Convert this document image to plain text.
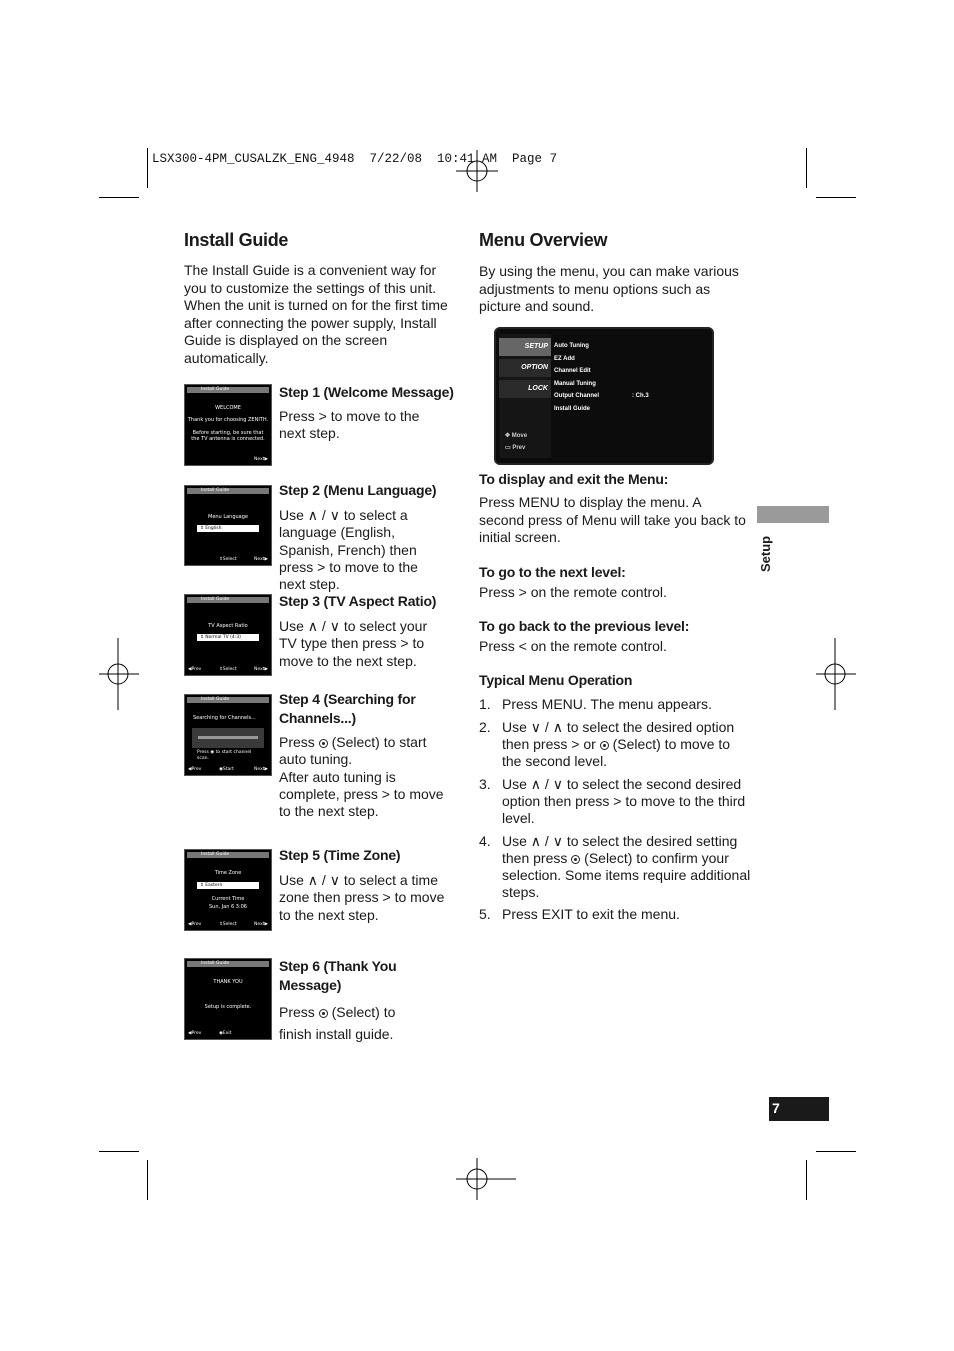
LSX300-4PM_CUSALZK_ENG_4948  7/22/08  10:41 AM  Page 7
Install Guide
The Install Guide is a convenient way for you to customize the settings of this unit. When the unit is turned on for the first time after connecting the power supply, Install Guide is displayed on the screen automatically.
Install Guide
WELCOME
Thank you for choosing ZENITH.
Before starting, be sure that
the TV antenna is connected.
Next▶
Step 1 (Welcome Message)
Press > to move to the next step.
Install Guide
Menu Language
⇕ English
⇕Select	Next▶
Step 2 (Menu Language)
Use ∧ / ∨ to select a language (English, Spanish, French) then press > to move to the next step.
Install Guide
TV Aspect Ratio
⇕ Normal TV (4:3)
◀Prev	⇕Select	Next▶
Step 3 (TV Aspect Ratio)
Use ∧ / ∨ to select your TV type then press > to move to the next step.
Install Guide
Searching for Channels...
Press ◉ to start channel
scan.
◀Prev	◉Start	Next▶
Step 4 (Searching for Channels...)
Press (Select) to start auto tuning.
After auto tuning is complete, press > to move to the next step.
Install Guide
Time Zone
⇕ Eastern
Current Time
Sun, Jan 6 3:06
◀Prev	⇕Select	Next▶
Step 5 (Time Zone)
Use ∧ / ∨ to select a time zone then press > to move to the next step.
Install Guide
THANK YOU
Setup is complete.
◀Prev	◉Exit
Step 6 (Thank You Message)
Press (Select) to
finish install guide.
Menu Overview
By using the menu, you can make various adjustments to menu options such as picture and sound.
SETUP
OPTION
LOCK
✥ Move
▭ Prev
Auto Tuning
EZ Add
Channel Edit
Manual Tuning
Output Channel	: Ch.3
Install Guide
To display and exit the Menu:
Press MENU to display the menu. A second press of Menu will take you back to initial screen.
To go to the next level:
Press > on the remote control.
To go back to the previous level:
Press < on the remote control.
Typical Menu Operation
1. Press MENU. The menu appears.
2. Use ∨ / ∧ to select the desired option then press > or (Select) to move to the second level.
3. Use ∧ / ∨ to select the second desired option then press > to move to the third level.
4. Use ∧ / ∨ to select the desired setting then press (Select) to confirm your selection. Some items require additional steps.
5. Press EXIT to exit the menu.
Setup
7
